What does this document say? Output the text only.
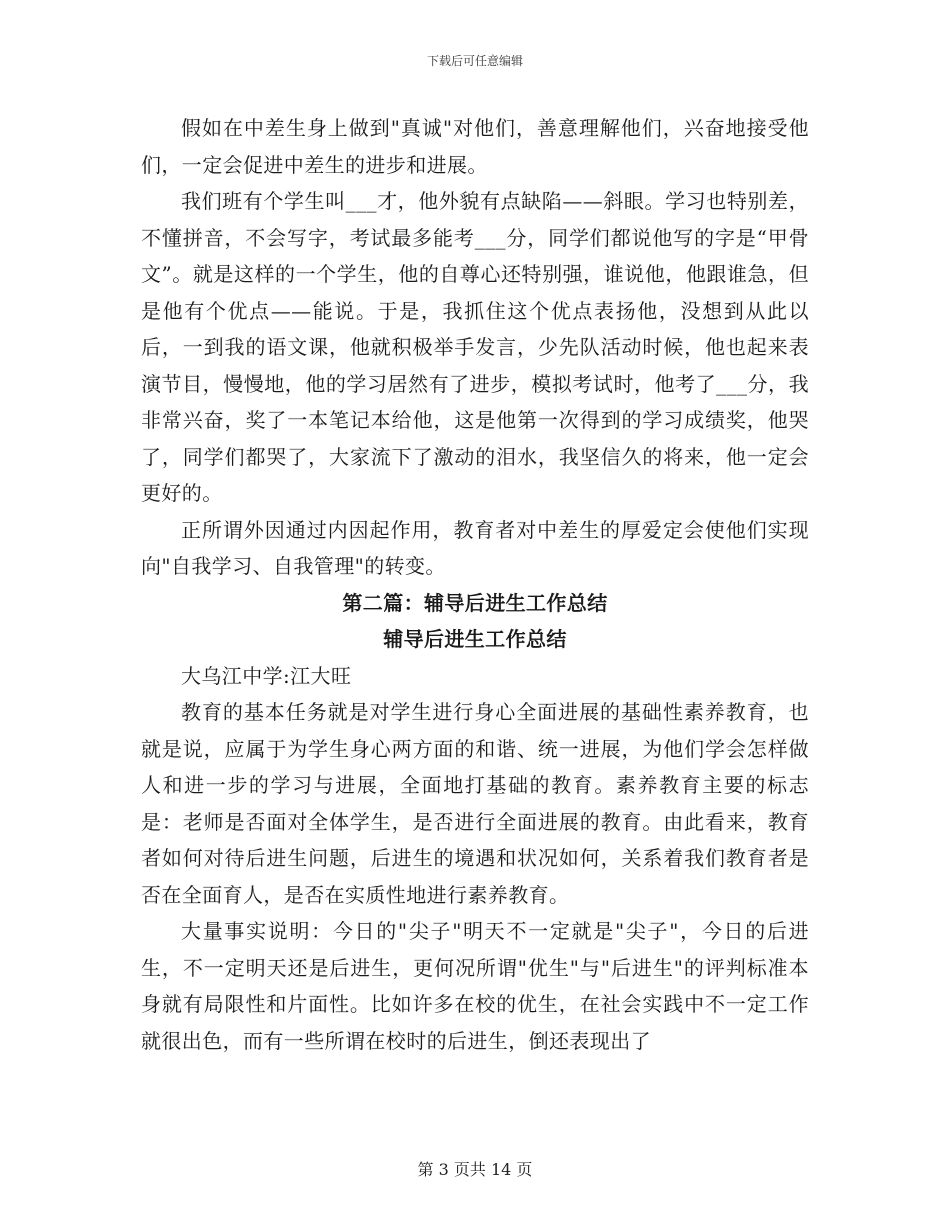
下载后可任意编辑

假如在中差生身上做到"真诚"对他们，善意理解他们，兴奋地接受他们，一定会促进中差生的进步和进展。

我们班有个学生叫___才，他外貌有点缺陷——斜眼。学习也特别差，不懂拼音，不会写字，考试最多能考___分，同学们都说他写的字是“甲骨文”。就是这样的一个学生，他的自尊心还特别强，谁说他，他跟谁急，但是他有个优点——能说。于是，我抓住这个优点表扬他，没想到从此以后，一到我的语文课，他就积极举手发言，少先队活动时候，他也起来表演节目，慢慢地，他的学习居然有了进步，模拟考试时，他考了___分，我非常兴奋，奖了一本笔记本给他，这是他第一次得到的学习成绩奖，他哭了，同学们都哭了，大家流下了激动的泪水，我坚信久的将来，他一定会更好的。

正所谓外因通过内因起作用，教育者对中差生的厚爱定会使他们实现向"自我学习、自我管理"的转变。

第二篇：辅导后进生工作总结
辅导后进生工作总结

大乌江中学:江大旺

教育的基本任务就是对学生进行身心全面进展的基础性素养教育，也就是说，应属于为学生身心两方面的和谐、统一进展，为他们学会怎样做人和进一步的学习与进展，全面地打基础的教育。素养教育主要的标志是：老师是否面对全体学生，是否进行全面进展的教育。由此看来，教育者如何对待后进生问题，后进生的境遇和状况如何，关系着我们教育者是否在全面育人，是否在实质性地进行素养教育。

大量事实说明：今日的"尖子"明天不一定就是"尖子"，今日的后进生，不一定明天还是后进生，更何况所谓"优生"与"后进生"的评判标准本身就有局限性和片面性。比如许多在校的优生，在社会实践中不一定工作就很出色，而有一些所谓在校时的后进生，倒还表现出了

第 3 页共 14 页
